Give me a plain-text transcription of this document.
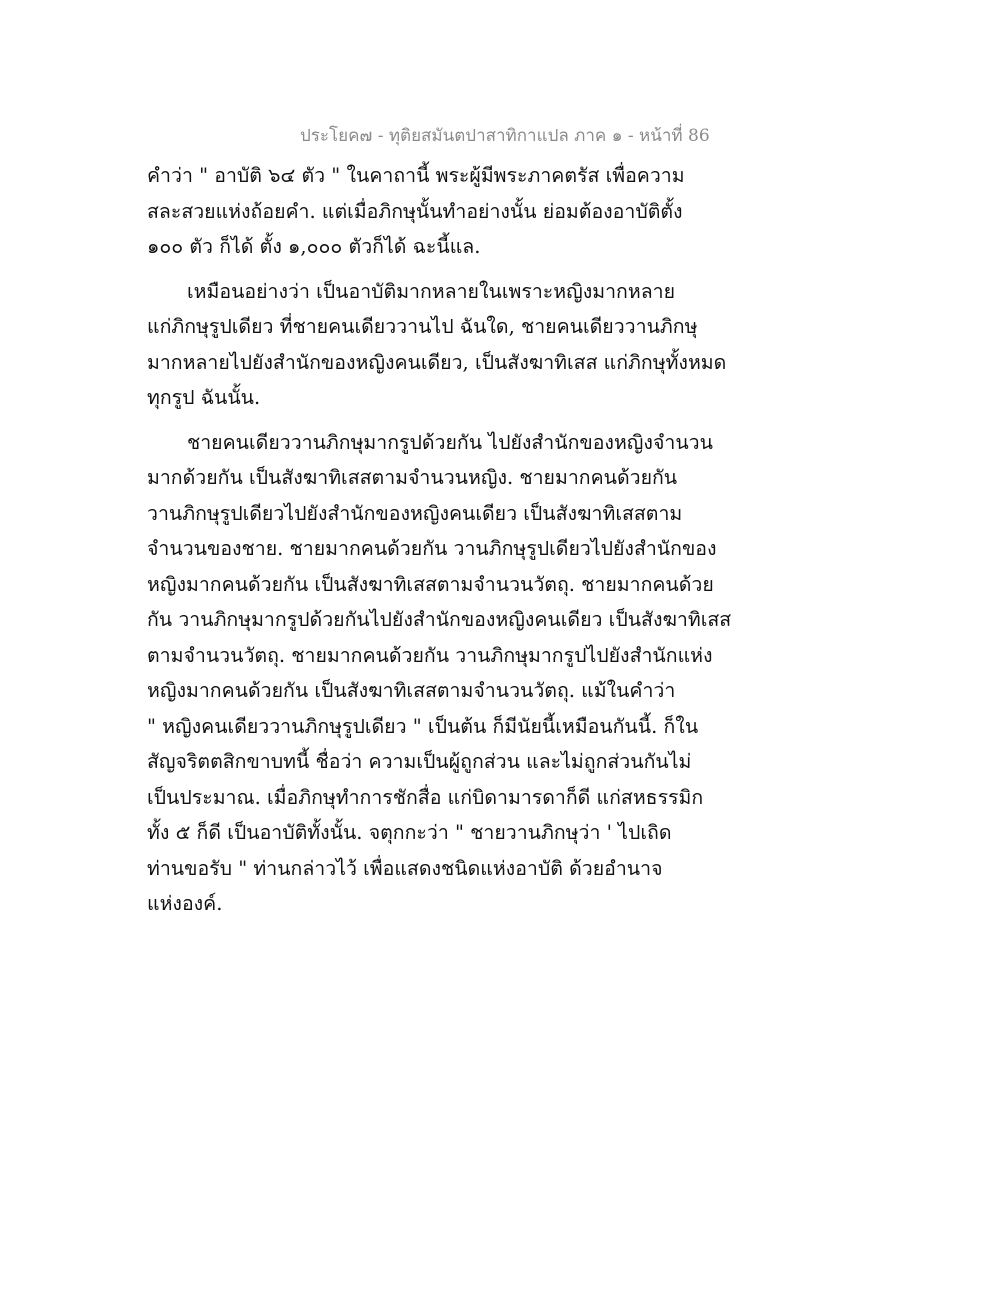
ประโยค๗ - ทุติยสมันตปาสาทิกาแปล ภาค ๑ - หน้าที่ 86
คำว่า " อาบัติ ๖๔ ตัว " ในคาถานี้ พระผู้มีพระภาคตรัส เพื่อความ
สละสวยแห่งถ้อยคำ. แต่เมื่อภิกษุนั้นทำอย่างนั้น ย่อมต้องอาบัติตั้ง
๑๐๐ ตัว ก็ได้ ตั้ง ๑,๐๐๐ ตัวก็ได้ ฉะนี้แล.
เหมือนอย่างว่า เป็นอาบัติมากหลายในเพราะหญิงมากหลาย
แก่ภิกษุรูปเดียว ที่ชายคนเดียววานไป ฉันใด, ชายคนเดียววานภิกษุ
มากหลายไปยังสำนักของหญิงคนเดียว, เป็นสังฆาทิเสส แก่ภิกษุทั้งหมด
ทุกรูป ฉันนั้น.
ชายคนเดียววานภิกษุมากรูปด้วยกัน ไปยังสำนักของหญิงจำนวน
มากด้วยกัน เป็นสังฆาทิเสสตามจำนวนหญิง. ชายมากคนด้วยกัน
วานภิกษุรูปเดียวไปยังสำนักของหญิงคนเดียว เป็นสังฆาทิเสสตาม
จำนวนของชาย. ชายมากคนด้วยกัน วานภิกษุรูปเดียวไปยังสำนักของ
หญิงมากคนด้วยกัน เป็นสังฆาทิเสสตามจำนวนวัตถุ. ชายมากคนด้วย
กัน วานภิกษุมากรูปด้วยกันไปยังสำนักของหญิงคนเดียว เป็นสังฆาทิเสส
ตามจำนวนวัตถุ. ชายมากคนด้วยกัน วานภิกษุมากรูปไปยังสำนักแห่ง
หญิงมากคนด้วยกัน เป็นสังฆาทิเสสตามจำนวนวัตถุ. แม้ในคำว่า
" หญิงคนเดียววานภิกษุรูปเดียว " เป็นต้น ก็มีนัยนี้เหมือนกันนี้. ก็ใน
สัญจริตตสิกขาบทนี้ ชื่อว่า ความเป็นผู้ถูกส่วน และไม่ถูกส่วนกันไม่
เป็นประมาณ. เมื่อภิกษุทำการชักสื่อ แก่บิดามารดาก็ดี แก่สหธรรมิก
ทั้ง ๕ ก็ดี เป็นอาบัติทั้งนั้น. จตุกกะว่า " ชายวานภิกษุว่า ' ไปเถิด
ท่านขอรับ " ท่านกล่าวไว้ เพื่อแสดงชนิดแห่งอาบัติ ด้วยอำนาจ
แห่งองค์.
